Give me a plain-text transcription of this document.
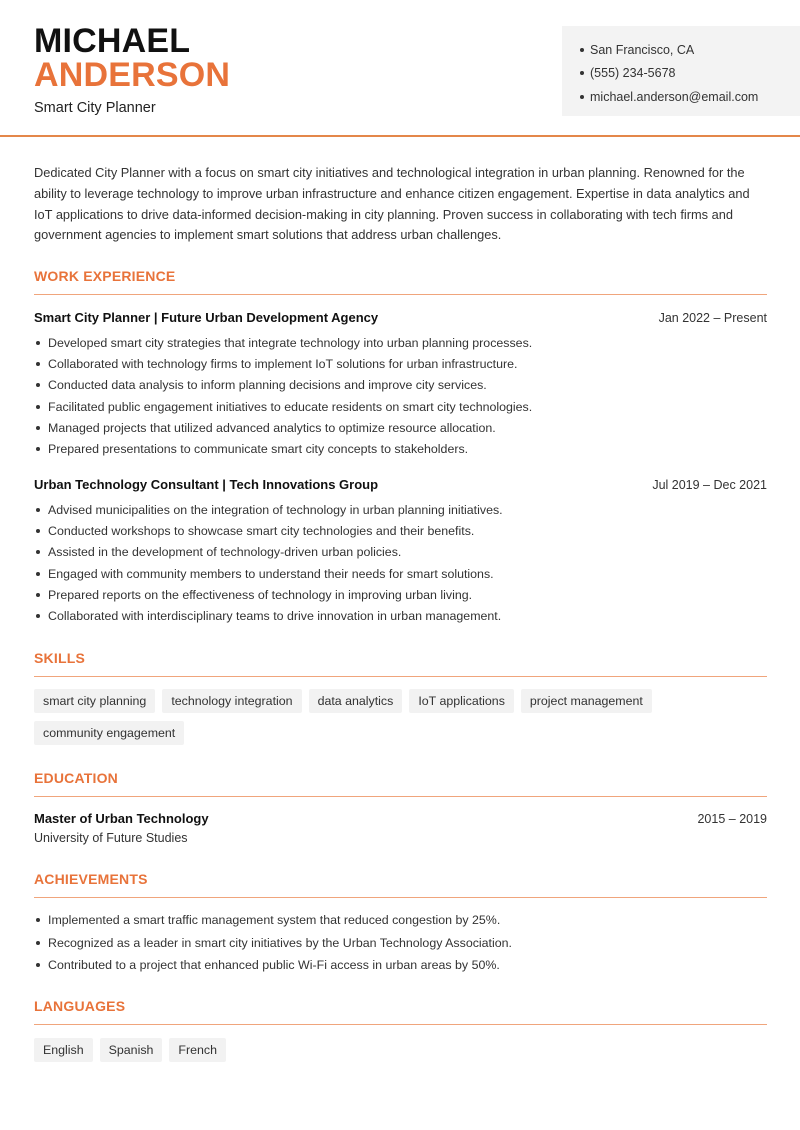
MICHAEL
ANDERSON
Smart City Planner
San Francisco, CA
(555) 234-5678
michael.anderson@email.com

Dedicated City Planner with a focus on smart city initiatives and technological integration in urban planning. Renowned for the ability to leverage technology to improve urban infrastructure and enhance citizen engagement. Expertise in data analytics and IoT applications to drive data-informed decision-making in city planning. Proven success in collaborating with tech firms and government agencies to implement smart solutions that address urban challenges.

WORK EXPERIENCE
Smart City Planner | Future Urban Development Agency	Jan 2022 – Present
Developed smart city strategies that integrate technology into urban planning processes.
Collaborated with technology firms to implement IoT solutions for urban infrastructure.
Conducted data analysis to inform planning decisions and improve city services.
Facilitated public engagement initiatives to educate residents on smart city technologies.
Managed projects that utilized advanced analytics to optimize resource allocation.
Prepared presentations to communicate smart city concepts to stakeholders.
Urban Technology Consultant | Tech Innovations Group	Jul 2019 – Dec 2021
Advised municipalities on the integration of technology in urban planning initiatives.
Conducted workshops to showcase smart city technologies and their benefits.
Assisted in the development of technology-driven urban policies.
Engaged with community members to understand their needs for smart solutions.
Prepared reports on the effectiveness of technology in improving urban living.
Collaborated with interdisciplinary teams to drive innovation in urban management.
SKILLS
smart city planning	technology integration	data analytics	IoT applications	project management
community engagement
EDUCATION
Master of Urban Technology	2015 – 2019
University of Future Studies
ACHIEVEMENTS
Implemented a smart traffic management system that reduced congestion by 25%.
Recognized as a leader in smart city initiatives by the Urban Technology Association.
Contributed to a project that enhanced public Wi-Fi access in urban areas by 50%.
LANGUAGES
English	Spanish	French
